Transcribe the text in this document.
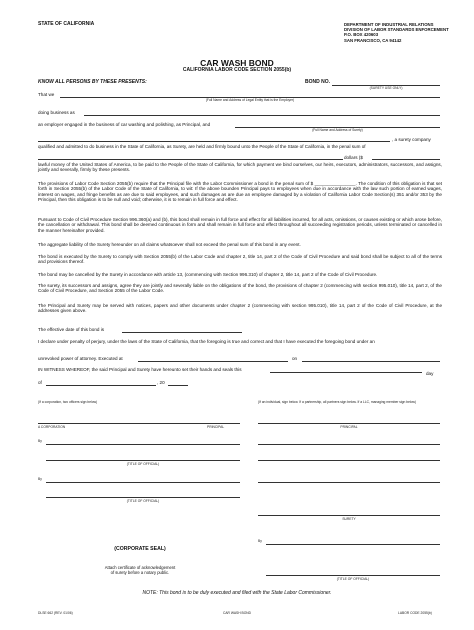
STATE OF CALIFORNIA	DEPARTMENT OF INDUSTRIAL RELATIONS
DIVISION OF LABOR STANDARDS ENFORCEMENT
P.O. BOX 420603
SAN FRANCISCO, CA 94142
CAR WASH BOND
CALIFORNIA LABOR CODE SECTION 2055(b)
KNOW ALL PERSONS BY THESE PRESENTS:	BOND NO.
(SURETY USE ONLY)
That we
(Full Name and Address of Legal Entity that is the Employer)
doing business as
an employer engaged in the business of car washing and polishing, as Principal, and
(Full Name and Address of Surety)
, a surety company
qualified and admitted to do business in the State of California, as Surety, are held and firmly bound unto the People of the State of California, in the penal sum of
dollars ($
lawful money of the United States of America, to be paid to the People of the State of California, for which payment we bind ourselves, our heirs, executors, administrators, successors, and assigns, jointly and severally, firmly by these presents.
The provisions of Labor Code Section 2055(b) require that the Principal file with the Labor Commissioner a bond in the penal sum of $ ________________. The condition of this obligation is that set forth in Section 2055(b) of the Labor Code of the State of California, to wit: If the above bounden Principal pays to employees when due in accordance with the law such portion of earned wages, interest on wages, and fringe benefits as are due to said employees, and such damages as are due an employee damaged by a violation of California Labor Code Section(s) 351 and/or 353 by the Principal, then this obligation is to be null and void; otherwise, it is to remain in full force and effect.
Pursuant to Code of Civil Procedure Section 996.360(a) and (b), this bond shall remain in full force and effect for all liabilities incurred, for all acts, omissions, or causes existing or which arose before, the cancellation or withdrawal. This bond shall be deemed continuous in form and shall remain in full force and effect throughout all succeeding registration periods, unless terminated or cancelled in the manner hereinafter provided.
The aggregate liability of the Surety hereunder on all claims whatsoever shall not exceed the penal sum of this bond in any event.
The bond is executed by the Surety to comply with Section 2055(b) of the Labor Code and chapter 2, title 14, part 2 of the Code of Civil Procedure and said bond shall be subject to all of the terms and provisions thereof.
The bond may be cancelled by the Surety in accordance with article 13, (commencing with Section 996.310) of chapter 2, title 14, part 2 of the Code of Civil Procedure.
The surety, its successors and assigns, agree they are jointly and severally liable on the obligations of the bond, the provisions of chapter 2 (commencing with section 995.010), title 14, part 2, of the Code of Civil Procedure, and Section 2055 of the Labor Code.
The Principal and Surety may be served with notices, papers and other documents under chapter 2 (commencing with section 995.010), title 14, part 2 of the Code of Civil Procedure, at the addresses given above.
The effective date of this bond is
I declare under penalty of perjury, under the laws of the State of California, that the foregoing is true and correct and that I have executed the foregoing bond under an
unrevoked power of attorney. Executed at	on
IN WITNESS WHEREOF, the said Principal and Surety have hereunto set their hands and seals this
day
of	, 20
(If a corporation, two officers sign below)	(If an individual, sign below. If a partnership, all partners sign below. If a LLC, managing member sign below)
A CORPORATION	PRINCIPAL	PRINCIPAL
By
(TITLE OF OFFICIAL)
By
(TITLE OF OFFICIAL)
SURETY
(CORPORATE SEAL)
By
Attach certificate of acknowledgement
of surety before a notary public.
(TITLE OF OFFICIAL)
NOTE: This bond is to be duly executed and filed with the State Labor Commissioner.
DLSE 662 (REV. 01/06)	CAR WASH BOND	LABOR CODE 2055(b)
